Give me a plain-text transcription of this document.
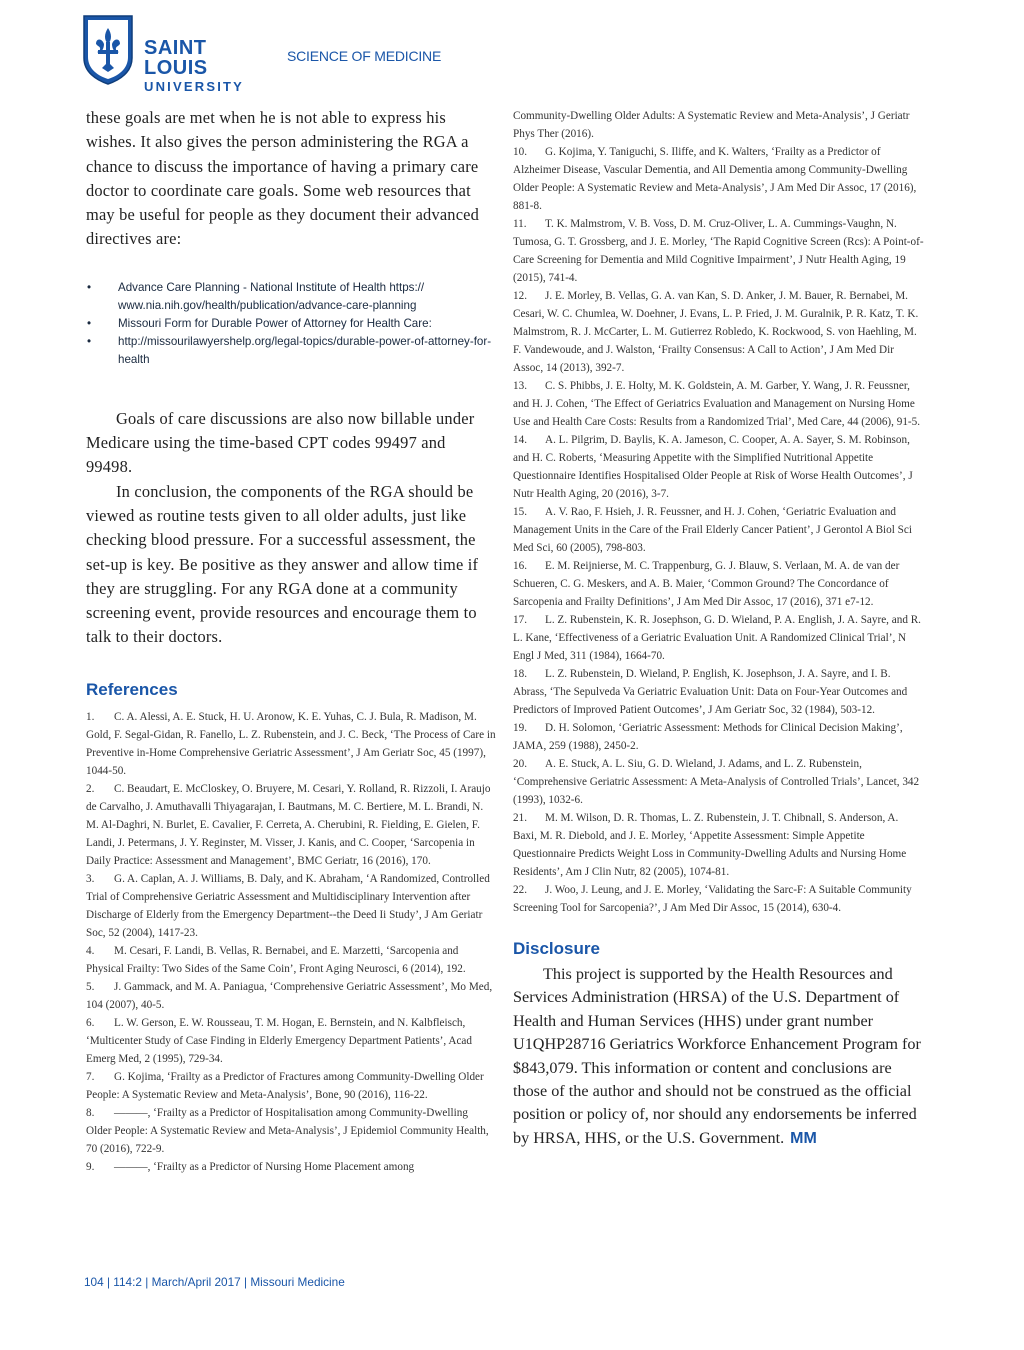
SAINT LOUIS
UNIVERSITY
SCIENCE OF MEDICINE

these goals are met when he is not able to express his wishes. It also gives the person administering the RGA a chance to discuss the importance of having a primary care doctor to coordinate care goals. Some web resources that may be useful for people as they document their advanced directives are:

• Advance Care Planning - National Institute of Health https:// www.nia.nih.gov/health/publication/advance-care-planning
• Missouri Form for Durable Power of Attorney for Health Care:
• http://missourilawyershelp.org/legal-topics/durable-power-of-attorney-for-health

Goals of care discussions are also now billable under Medicare using the time-based CPT codes 99497 and 99498.

In conclusion, the components of the RGA should be viewed as routine tests given to all older adults, just like checking blood pressure. For a successful assessment, the set-up is key. Be positive as they answer and allow time if they are struggling. For any RGA done at a community screening event, provide resources and encourage them to talk to their doctors.

References
1. C. A. Alessi, A. E. Stuck, H. U. Aronow, K. E. Yuhas, C. J. Bula, R. Madison, M. Gold, F. Segal-Gidan, R. Fanello, L. Z. Rubenstein, and J. C. Beck, ‘The Process of Care in Preventive in-Home Comprehensive Geriatric Assessment’, J Am Geriatr Soc, 45 (1997), 1044-50.
2. C. Beaudart, E. McCloskey, O. Bruyere, M. Cesari, Y. Rolland, R. Rizzoli, I. Araujo de Carvalho, J. Amuthavalli Thiyagarajan, I. Bautmans, M. C. Bertiere, M. L. Brandi, N. M. Al-Daghri, N. Burlet, E. Cavalier, F. Cerreta, A. Cherubini, R. Fielding, E. Gielen, F. Landi, J. Petermans, J. Y. Reginster, M. Visser, J. Kanis, and C. Cooper, ‘Sarcopenia in Daily Practice: Assessment and Management’, BMC Geriatr, 16 (2016), 170.
3. G. A. Caplan, A. J. Williams, B. Daly, and K. Abraham, ‘A Randomized, Controlled Trial of Comprehensive Geriatric Assessment and Multidisciplinary Intervention after Discharge of Elderly from the Emergency Department--the Deed Ii Study’, J Am Geriatr Soc, 52 (2004), 1417-23.
4. M. Cesari, F. Landi, B. Vellas, R. Bernabei, and E. Marzetti, ‘Sarcopenia and Physical Frailty: Two Sides of the Same Coin’, Front Aging Neurosci, 6 (2014), 192.
5. J. Gammack, and M. A. Paniagua, ‘Comprehensive Geriatric Assessment’, Mo Med, 104 (2007), 40-5.
6. L. W. Gerson, E. W. Rousseau, T. M. Hogan, E. Bernstein, and N. Kalbfleisch, ‘Multicenter Study of Case Finding in Elderly Emergency Department Patients’, Acad Emerg Med, 2 (1995), 729-34.
7. G. Kojima, ‘Frailty as a Predictor of Fractures among Community-Dwelling Older People: A Systematic Review and Meta-Analysis’, Bone, 90 (2016), 116-22.
8. ———, ‘Frailty as a Predictor of Hospitalisation among Community-Dwelling Older People: A Systematic Review and Meta-Analysis’, J Epidemiol Community Health, 70 (2016), 722-9.
9. ———, ‘Frailty as a Predictor of Nursing Home Placement among
Community-Dwelling Older Adults: A Systematic Review and Meta-Analysis’, J Geriatr Phys Ther (2016).
10. G. Kojima, Y. Taniguchi, S. Iliffe, and K. Walters, ‘Frailty as a Predictor of Alzheimer Disease, Vascular Dementia, and All Dementia among Community-Dwelling Older People: A Systematic Review and Meta-Analysis’, J Am Med Dir Assoc, 17 (2016), 881-8.
11. T. K. Malmstrom, V. B. Voss, D. M. Cruz-Oliver, L. A. Cummings-Vaughn, N. Tumosa, G. T. Grossberg, and J. E. Morley, ‘The Rapid Cognitive Screen (Rcs): A Point-of-Care Screening for Dementia and Mild Cognitive Impairment’, J Nutr Health Aging, 19 (2015), 741-4.
12. J. E. Morley, B. Vellas, G. A. van Kan, S. D. Anker, J. M. Bauer, R. Bernabei, M. Cesari, W. C. Chumlea, W. Doehner, J. Evans, L. P. Fried, J. M. Guralnik, P. R. Katz, T. K. Malmstrom, R. J. McCarter, L. M. Gutierrez Robledo, K. Rockwood, S. von Haehling, M. F. Vandewoude, and J. Walston, ‘Frailty Consensus: A Call to Action’, J Am Med Dir Assoc, 14 (2013), 392-7.
13. C. S. Phibbs, J. E. Holty, M. K. Goldstein, A. M. Garber, Y. Wang, J. R. Feussner, and H. J. Cohen, ‘The Effect of Geriatrics Evaluation and Management on Nursing Home Use and Health Care Costs: Results from a Randomized Trial’, Med Care, 44 (2006), 91-5.
14. A. L. Pilgrim, D. Baylis, K. A. Jameson, C. Cooper, A. A. Sayer, S. M. Robinson, and H. C. Roberts, ‘Measuring Appetite with the Simplified Nutritional Appetite Questionnaire Identifies Hospitalised Older People at Risk of Worse Health Outcomes’, J Nutr Health Aging, 20 (2016), 3-7.
15. A. V. Rao, F. Hsieh, J. R. Feussner, and H. J. Cohen, ‘Geriatric Evaluation and Management Units in the Care of the Frail Elderly Cancer Patient’, J Gerontol A Biol Sci Med Sci, 60 (2005), 798-803.
16. E. M. Reijnierse, M. C. Trappenburg, G. J. Blauw, S. Verlaan, M. A. de van der Schueren, C. G. Meskers, and A. B. Maier, ‘Common Ground? The Concordance of Sarcopenia and Frailty Definitions’, J Am Med Dir Assoc, 17 (2016), 371 e7-12.
17. L. Z. Rubenstein, K. R. Josephson, G. D. Wieland, P. A. English, J. A. Sayre, and R. L. Kane, ‘Effectiveness of a Geriatric Evaluation Unit. A Randomized Clinical Trial’, N Engl J Med, 311 (1984), 1664-70.
18. L. Z. Rubenstein, D. Wieland, P. English, K. Josephson, J. A. Sayre, and I. B. Abrass, ‘The Sepulveda Va Geriatric Evaluation Unit: Data on Four-Year Outcomes and Predictors of Improved Patient Outcomes’, J Am Geriatr Soc, 32 (1984), 503-12.
19. D. H. Solomon, ‘Geriatric Assessment: Methods for Clinical Decision Making’, JAMA, 259 (1988), 2450-2.
20. A. E. Stuck, A. L. Siu, G. D. Wieland, J. Adams, and L. Z. Rubenstein, ‘Comprehensive Geriatric Assessment: A Meta-Analysis of Controlled Trials’, Lancet, 342 (1993), 1032-6.
21. M. M. Wilson, D. R. Thomas, L. Z. Rubenstein, J. T. Chibnall, S. Anderson, A. Baxi, M. R. Diebold, and J. E. Morley, ‘Appetite Assessment: Simple Appetite Questionnaire Predicts Weight Loss in Community-Dwelling Adults and Nursing Home Residents’, Am J Clin Nutr, 82 (2005), 1074-81.
22. J. Woo, J. Leung, and J. E. Morley, ‘Validating the Sarc-F: A Suitable Community Screening Tool for Sarcopenia?’, J Am Med Dir Assoc, 15 (2014), 630-4.
Disclosure

This project is supported by the Health Resources and Services Administration (HRSA) of the U.S. Department of Health and Human Services (HHS) under grant number U1QHP28716 Geriatrics Workforce Enhancement Program for $843,079. This information or content and conclusions are those of the author and should not be construed as the official position or policy of, nor should any endorsements be inferred by HRSA, HHS, or the U.S. Government. MM

104 | 114:2 | March/April 2017 | Missouri Medicine
